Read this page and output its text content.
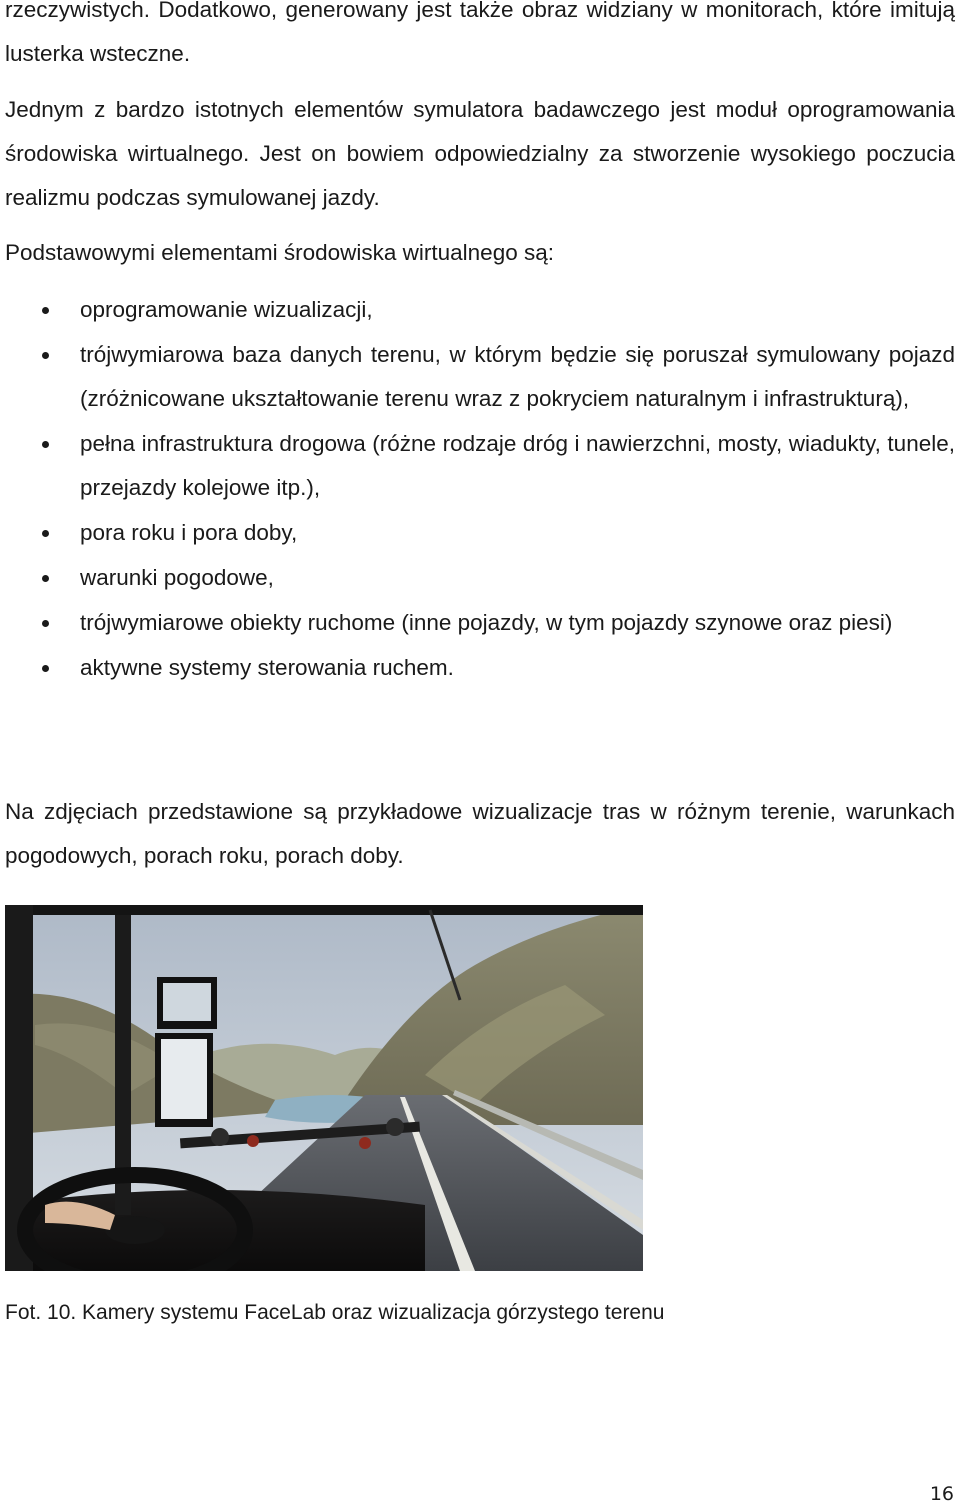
rzeczywistych. Dodatkowo, generowany jest także obraz widziany w monitorach, które imitują lusterka wsteczne.

Jednym z bardzo istotnych elementów symulatora badawczego jest moduł oprogramowania środowiska wirtualnego. Jest on bowiem odpowiedzialny za stworzenie wysokiego poczucia realizmu podczas symulowanej jazdy.

Podstawowymi elementami środowiska wirtualnego są:

oprogramowanie wizualizacji,
trójwymiarowa baza danych terenu, w którym będzie się poruszał symulowany pojazd (zróżnicowane ukształtowanie terenu wraz z pokryciem naturalnym i infrastrukturą),
pełna infrastruktura drogowa (różne rodzaje dróg i nawierzchni, mosty, wiadukty, tunele, przejazdy kolejowe itp.),
pora roku i pora doby,
warunki pogodowe,
trójwymiarowe obiekty ruchome (inne pojazdy, w tym pojazdy szynowe oraz piesi)
aktywne systemy sterowania ruchem.

Na zdjęciach przedstawione są przykładowe wizualizacje tras w różnym terenie, warunkach pogodowych, porach roku, porach doby.

Fot. 10. Kamery systemu FaceLab oraz wizualizacja górzystego terenu

16
